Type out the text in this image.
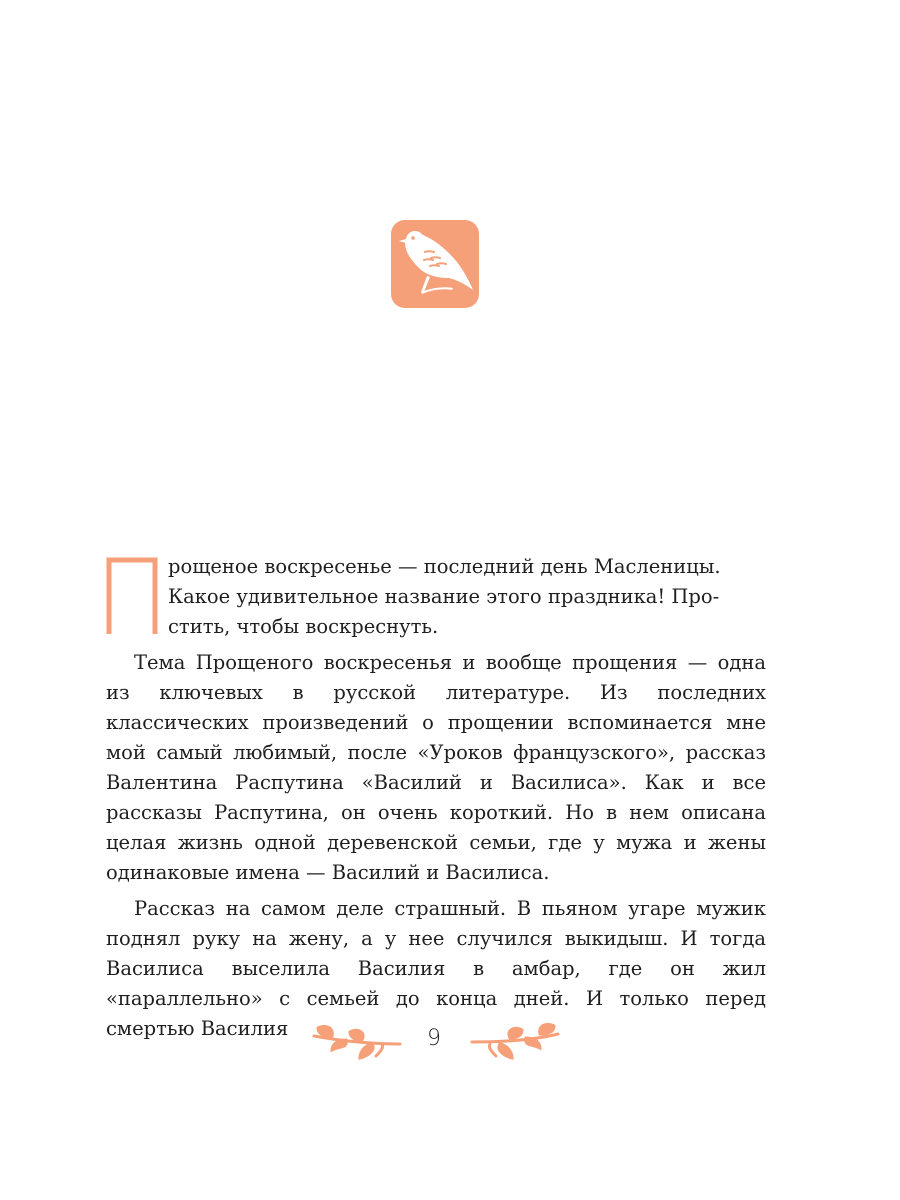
рощеное воскресенье — последний день Масленицы.
Какое удивительное название этого праздника! Про-
стить, чтобы воскреснуть.

Тема Прощеного воскресенья и вообще прощения — одна из ключевых в русской литературе. Из последних классических произведений о прощении вспоминается мне мой самый любимый, после «Уроков французского», рассказ Валентина Распутина «Василий и Василиса». Как и все рассказы Распутина, он очень короткий. Но в нем описана целая жизнь одной деревенской семьи, где у мужа и жены одинаковые имена — Василий и Василиса.

Рассказ на самом деле страшный. В пьяном угаре мужик поднял руку на жену, а у нее случился выкидыш. И тогда Василиса выселила Василия в амбар, где он жил «параллельно» с семьей до конца дней. И только перед смертью Василия	9
